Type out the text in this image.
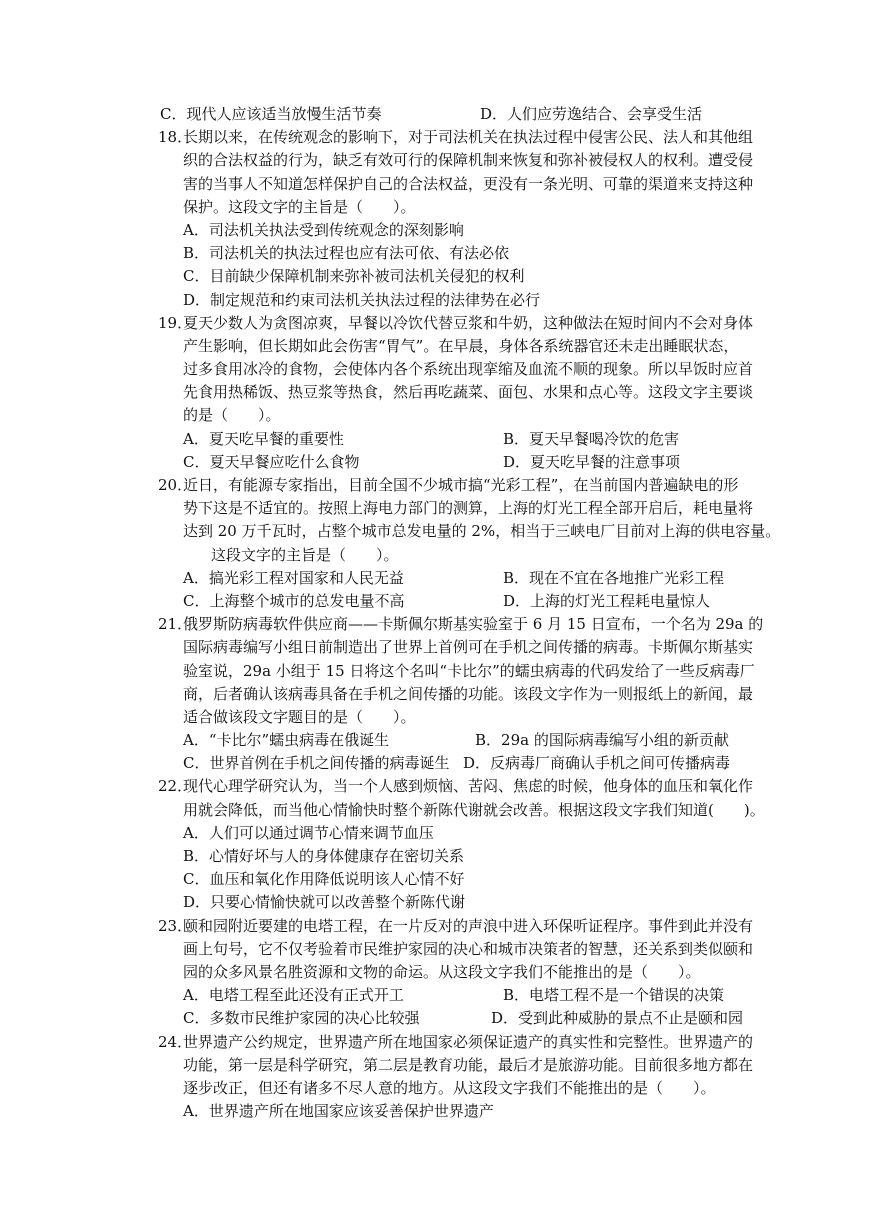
C．现代人应该适当放慢生活节奏	D．人们应劳逸结合、会享受生活
18．长期以来，在传统观念的影响下，对于司法机关在执法过程中侵害公民、法人和其他组
织的合法权益的行为，缺乏有效可行的保障机制来恢复和弥补被侵权人的权利。遭受侵
害的当事人不知道怎样保护自己的合法权益，更没有一条光明、可靠的渠道来支持这种
保护。这段文字的主旨是（　　）。
A．司法机关执法受到传统观念的深刻影响
B．司法机关的执法过程也应有法可依、有法必依
C．目前缺少保障机制来弥补被司法机关侵犯的权利
D．制定规范和约束司法机关执法过程的法律势在必行
19．夏天少数人为贪图凉爽，早餐以冷饮代替豆浆和牛奶，这种做法在短时间内不会对身体
产生影响，但长期如此会伤害“胃气”。在早晨，身体各系统器官还未走出睡眠状态，
过多食用冰冷的食物，会使体内各个系统出现挛缩及血流不顺的现象。所以早饭时应首
先食用热稀饭、热豆浆等热食，然后再吃蔬菜、面包、水果和点心等。这段文字主要谈
的是（　　）。
A．夏天吃早餐的重要性	B．夏天早餐喝冷饮的危害
C．夏天早餐应吃什么食物	D．夏天吃早餐的注意事项
20．近日，有能源专家指出，目前全国不少城市搞“光彩工程”，在当前国内普遍缺电的形
势下这是不适宜的。按照上海电力部门的测算，上海的灯光工程全部开启后，耗电量将
达到 20 万千瓦时，占整个城市总发电量的 2%，相当于三峡电厂目前对上海的供电容量。
这段文字的主旨是（　　）。
A．搞光彩工程对国家和人民无益	B．现在不宜在各地推广光彩工程
C．上海整个城市的总发电量不高	D．上海的灯光工程耗电量惊人
21．俄罗斯防病毒软件供应商——卡斯佩尔斯基实验室于 6 月 15 日宣布，一个名为 29a 的
国际病毒编写小组日前制造出了世界上首例可在手机之间传播的病毒。卡斯佩尔斯基实
验室说，29a 小组于 15 日将这个名叫“卡比尔”的蠕虫病毒的代码发给了一些反病毒厂
商，后者确认该病毒具备在手机之间传播的功能。该段文字作为一则报纸上的新闻，最
适合做该段文字题目的是（　　）。
A．“卡比尔”蠕虫病毒在俄诞生	B．29a 的国际病毒编写小组的新贡献
C．世界首例在手机之间传播的病毒诞生 D．反病毒厂商确认手机之间可传播病毒
22．现代心理学研究认为，当一个人感到烦恼、苦闷、焦虑的时候，他身体的血压和氧化作
用就会降低，而当他心情愉快时整个新陈代谢就会改善。根据这段文字我们知道(　　)。
A．人们可以通过调节心情来调节血压
B．心情好坏与人的身体健康存在密切关系
C．血压和氧化作用降低说明该人心情不好
D．只要心情愉快就可以改善整个新陈代谢
23．颐和园附近要建的电塔工程，在一片反对的声浪中进入环保听证程序。事件到此并没有
画上句号，它不仅考验着市民维护家园的决心和城市决策者的智慧，还关系到类似颐和
园的众多风景名胜资源和文物的命运。从这段文字我们不能推出的是（　　）。
A．电塔工程至此还没有正式开工	B．电塔工程不是一个错误的决策
C．多数市民维护家园的决心比较强	D．受到此种威胁的景点不止是颐和园
24．世界遗产公约规定，世界遗产所在地国家必须保证遗产的真实性和完整性。世界遗产的
功能，第一层是科学研究，第二层是教育功能，最后才是旅游功能。目前很多地方都在
逐步改正，但还有诸多不尽人意的地方。从这段文字我们不能推出的是（　　）。
A．世界遗产所在地国家应该妥善保护世界遗产
